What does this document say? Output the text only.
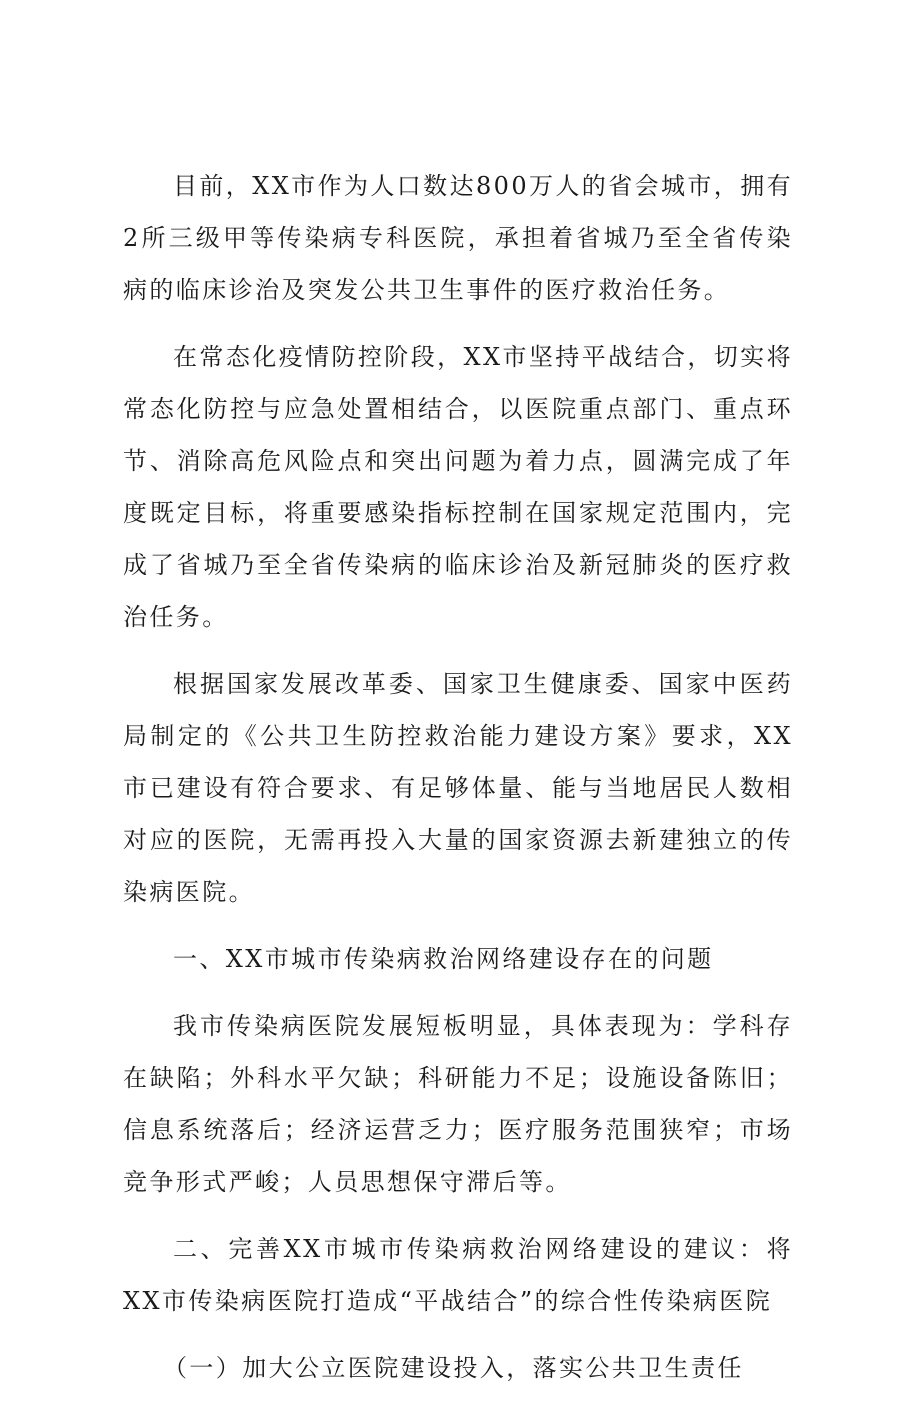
目前，XX市作为人口数达800万人的省会城市，拥有2所三级甲等传染病专科医院，承担着省城乃至全省传染病的临床诊治及突发公共卫生事件的医疗救治任务。

在常态化疫情防控阶段，XX市坚持平战结合，切实将常态化防控与应急处置相结合，以医院重点部门、重点环节、消除高危风险点和突出问题为着力点，圆满完成了年度既定目标，将重要感染指标控制在国家规定范围内，完成了省城乃至全省传染病的临床诊治及新冠肺炎的医疗救治任务。

根据国家发展改革委、国家卫生健康委、国家中医药局制定的《公共卫生防控救治能力建设方案》要求，XX市已建设有符合要求、有足够体量、能与当地居民人数相对应的医院，无需再投入大量的国家资源去新建独立的传染病医院。

一、XX市城市传染病救治网络建设存在的问题

我市传染病医院发展短板明显，具体表现为：学科存在缺陷；外科水平欠缺；科研能力不足；设施设备陈旧；信息系统落后；经济运营乏力；医疗服务范围狭窄；市场竞争形式严峻；人员思想保守滞后等。

二、完善XX市城市传染病救治网络建设的建议：将XX市传染病医院打造成“平战结合”的综合性传染病医院

（一）加大公立医院建设投入，落实公共卫生责任
